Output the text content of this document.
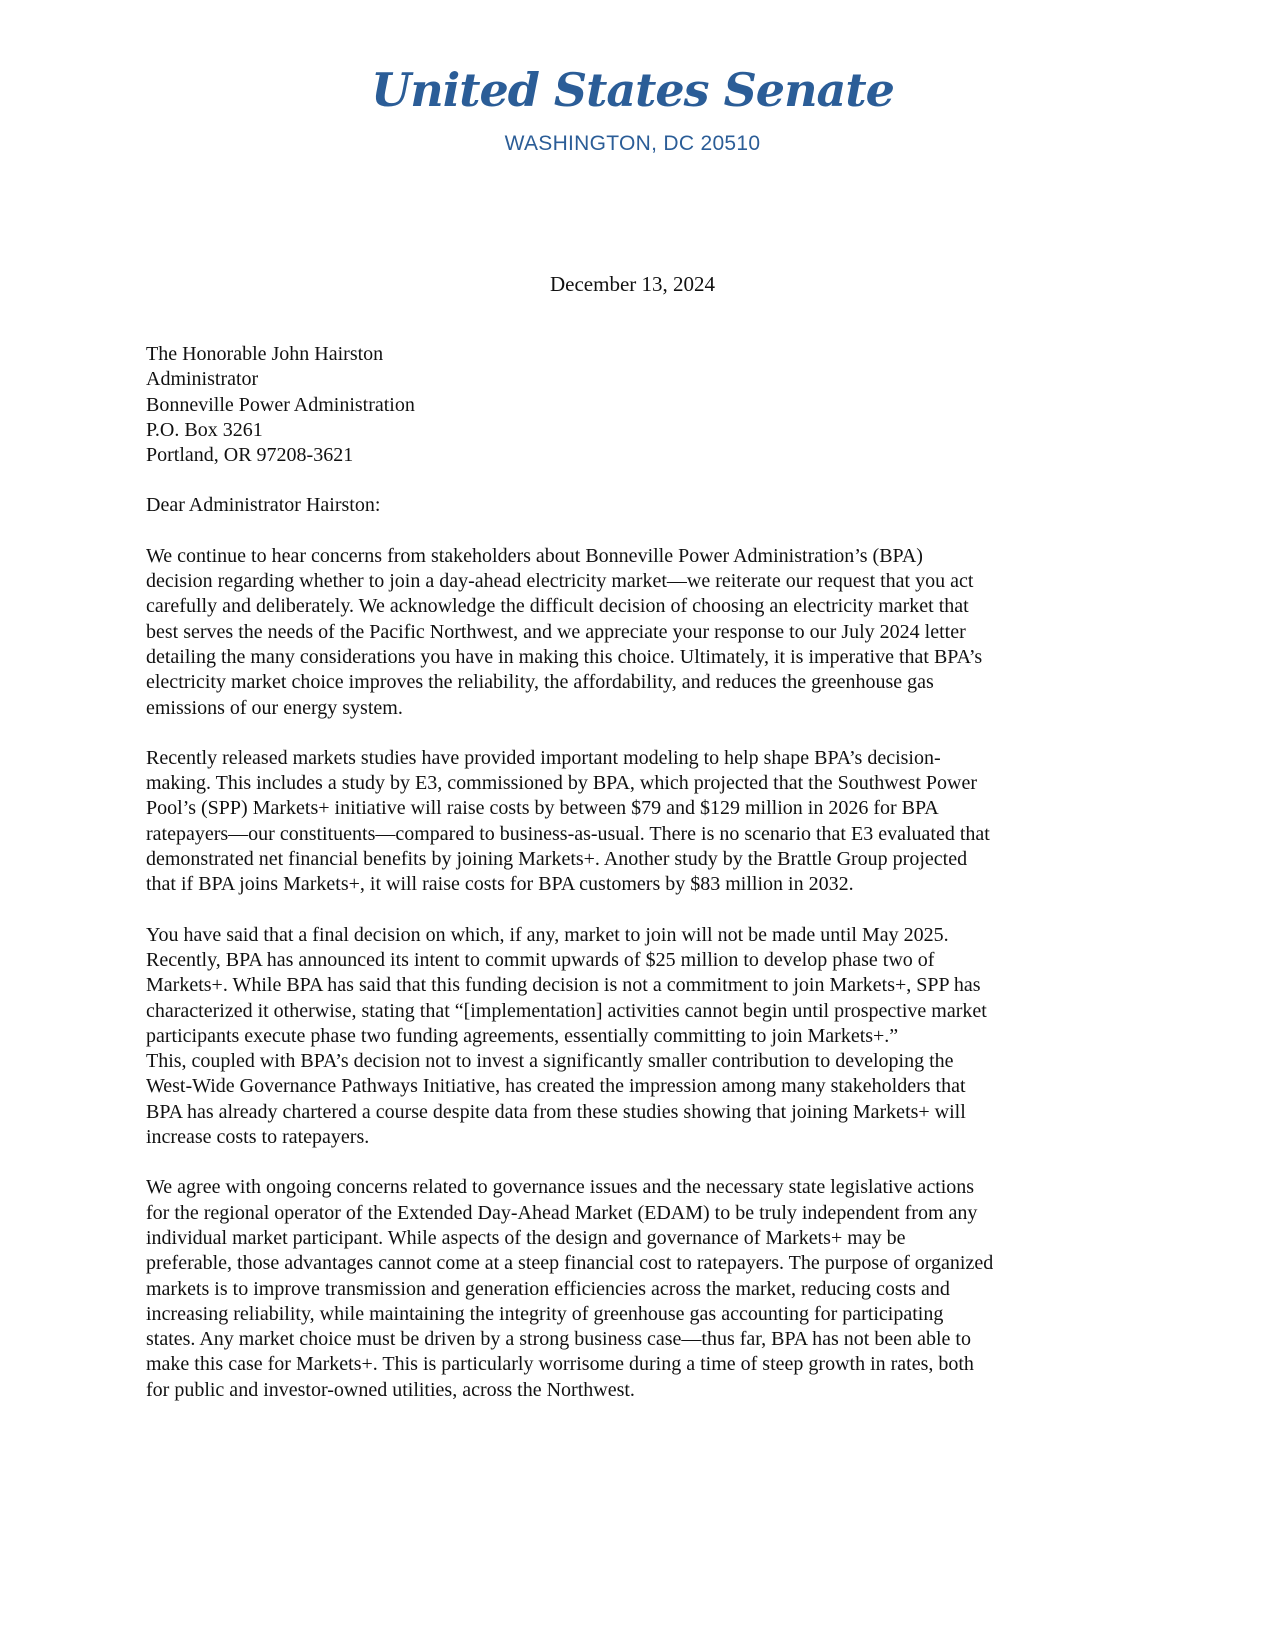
United States Senate
WASHINGTON, DC 20510
December 13, 2024
The Honorable John Hairston
Administrator
Bonneville Power Administration
P.O. Box 3261
Portland, OR 97208-3621
Dear Administrator Hairston:
We continue to hear concerns from stakeholders about Bonneville Power Administration’s (BPA)
decision regarding whether to join a day-ahead electricity market—we reiterate our request that you act
carefully and deliberately. We acknowledge the difficult decision of choosing an electricity market that
best serves the needs of the Pacific Northwest, and we appreciate your response to our July 2024 letter
detailing the many considerations you have in making this choice. Ultimately, it is imperative that BPA’s
electricity market choice improves the reliability, the affordability, and reduces the greenhouse gas
emissions of our energy system.
Recently released markets studies have provided important modeling to help shape BPA’s decision-
making. This includes a study by E3, commissioned by BPA, which projected that the Southwest Power
Pool’s (SPP) Markets+ initiative will raise costs by between $79 and $129 million in 2026 for BPA
ratepayers—our constituents—compared to business-as-usual. There is no scenario that E3 evaluated that
demonstrated net financial benefits by joining Markets+. Another study by the Brattle Group projected
that if BPA joins Markets+, it will raise costs for BPA customers by $83 million in 2032.
You have said that a final decision on which, if any, market to join will not be made until May 2025.
Recently, BPA has announced its intent to commit upwards of $25 million to develop phase two of
Markets+. While BPA has said that this funding decision is not a commitment to join Markets+, SPP has
characterized it otherwise, stating that “[implementation] activities cannot begin until prospective market
participants execute phase two funding agreements, essentially committing to join Markets+.”
This, coupled with BPA’s decision not to invest a significantly smaller contribution to developing the
West-Wide Governance Pathways Initiative, has created the impression among many stakeholders that
BPA has already chartered a course despite data from these studies showing that joining Markets+ will
increase costs to ratepayers.
We agree with ongoing concerns related to governance issues and the necessary state legislative actions
for the regional operator of the Extended Day-Ahead Market (EDAM) to be truly independent from any
individual market participant. While aspects of the design and governance of Markets+ may be
preferable, those advantages cannot come at a steep financial cost to ratepayers. The purpose of organized
markets is to improve transmission and generation efficiencies across the market, reducing costs and
increasing reliability, while maintaining the integrity of greenhouse gas accounting for participating
states. Any market choice must be driven by a strong business case—thus far, BPA has not been able to
make this case for Markets+. This is particularly worrisome during a time of steep growth in rates, both
for public and investor-owned utilities, across the Northwest.
